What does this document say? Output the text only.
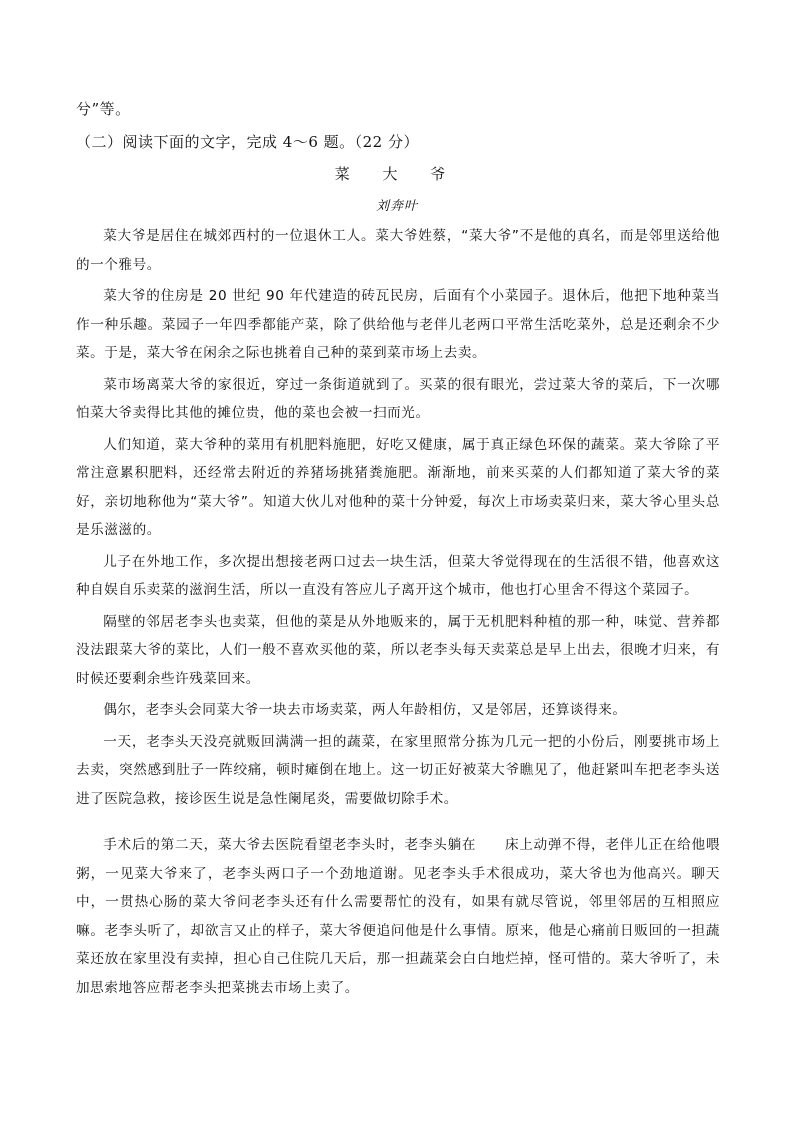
兮”等。
（二）阅读下面的文字，完成 4～6 题。（22 分）
菜 大 爷
刘奔叶

菜大爷是居住在城郊西村的一位退休工人。菜大爷姓蔡，“菜大爷”不是他的真名，而是邻里送给他的一个雅号。

菜大爷的住房是 20 世纪 90 年代建造的砖瓦民房，后面有个小菜园子。退休后，他把下地种菜当作一种乐趣。菜园子一年四季都能产菜，除了供给他与老伴儿老两口平常生活吃菜外，总是还剩余不少菜。于是，菜大爷在闲余之际也挑着自己种的菜到菜市场上去卖。

菜市场离菜大爷的家很近，穿过一条街道就到了。买菜的很有眼光，尝过菜大爷的菜后，下一次哪怕菜大爷卖得比其他的摊位贵，他的菜也会被一扫而光。

人们知道，菜大爷种的菜用有机肥料施肥，好吃又健康，属于真正绿色环保的蔬菜。菜大爷除了平常注意累积肥料，还经常去附近的养猪场挑猪粪施肥。渐渐地，前来买菜的人们都知道了菜大爷的菜好，亲切地称他为“菜大爷”。知道大伙儿对他种的菜十分钟爱，每次上市场卖菜归来，菜大爷心里头总是乐滋滋的。

儿子在外地工作，多次提出想接老两口过去一块生活，但菜大爷觉得现在的生活很不错，他喜欢这种自娱自乐卖菜的滋润生活，所以一直没有答应儿子离开这个城市，他也打心里舍不得这个菜园子。

隔壁的邻居老李头也卖菜，但他的菜是从外地贩来的，属于无机肥料种植的那一种，味觉、营养都没法跟菜大爷的菜比，人们一般不喜欢买他的菜，所以老李头每天卖菜总是早上出去，很晚才归来，有时候还要剩余些许残菜回来。

偶尔，老李头会同菜大爷一块去市场卖菜，两人年龄相仿，又是邻居，还算谈得来。

一天，老李头天没亮就贩回满满一担的蔬菜，在家里照常分拣为几元一把的小份后，刚要挑市场上去卖，突然感到肚子一阵绞痛，顿时瘫倒在地上。这一切正好被菜大爷瞧见了，他赶紧叫车把老李头送进了医院急救，接诊医生说是急性阑尾炎，需要做切除手术。

手术后的第二天，菜大爷去医院看望老李头时，老李头躺在　　床上动弹不得，老伴儿正在给他喂粥，一见菜大爷来了，老李头两口子一个劲地道谢。见老李头手术很成功，菜大爷也为他高兴。聊天中，一贯热心肠的菜大爷问老李头还有什么需要帮忙的没有，如果有就尽管说，邻里邻居的互相照应嘛。老李头听了，却欲言又止的样子，菜大爷便追问他是什么事情。原来，他是心痛前日贩回的一担蔬菜还放在家里没有卖掉，担心自己住院几天后，那一担蔬菜会白白地烂掉，怪可惜的。菜大爷听了，未加思索地答应帮老李头把菜挑去市场上卖了。
